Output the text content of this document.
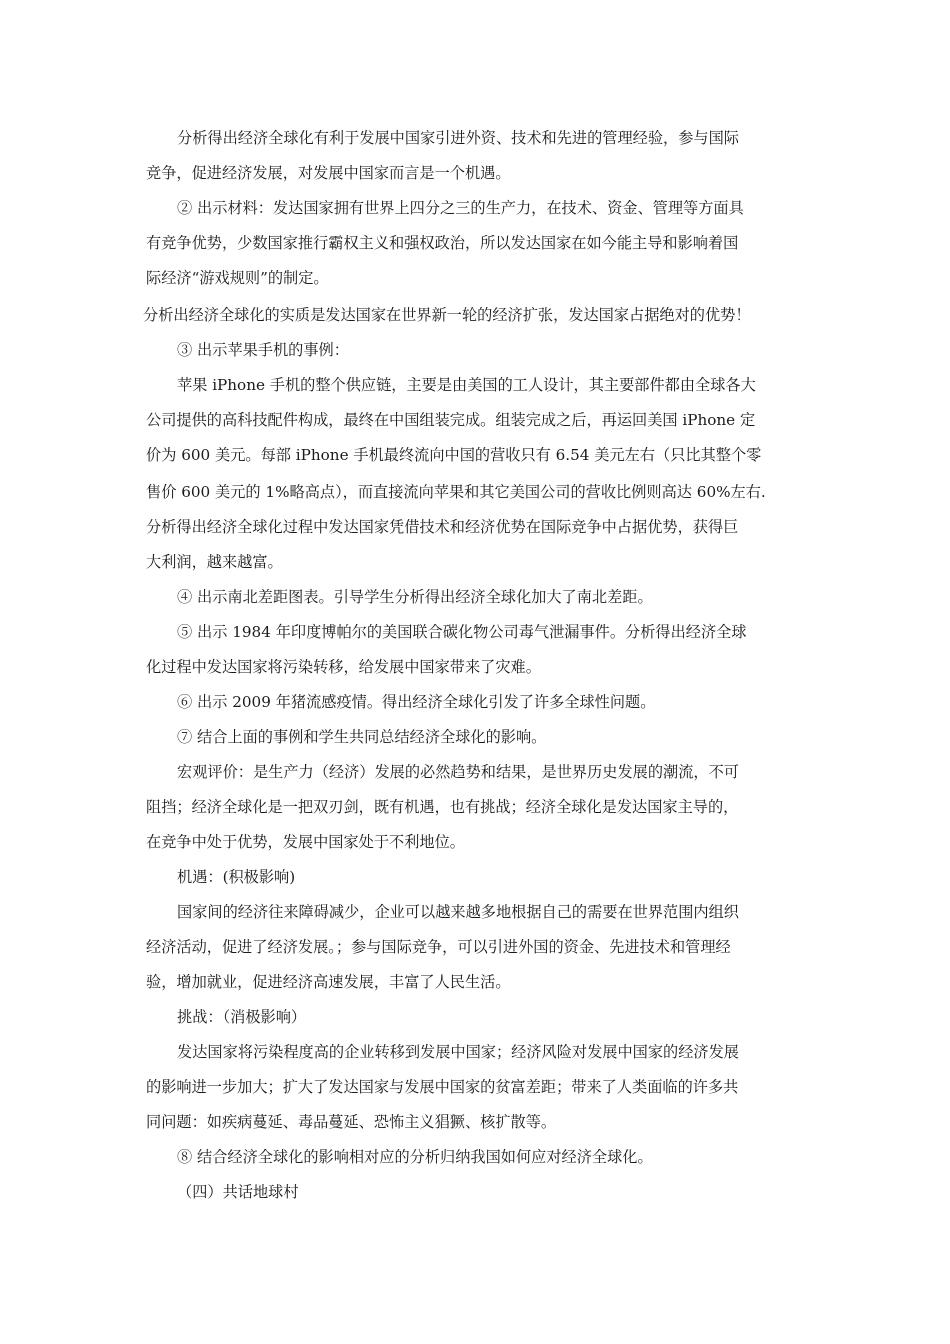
分析得出经济全球化有利于发展中国家引进外资、技术和先进的管理经验，参与国际
竞争，促进经济发展，对发展中国家而言是一个机遇。
② 出示材料：发达国家拥有世界上四分之三的生产力，在技术、资金、管理等方面具
有竞争优势，少数国家推行霸权主义和强权政治，所以发达国家在如今能主导和影响着国
际经济“游戏规则”的制定。
分析出经济全球化的实质是发达国家在世界新一轮的经济扩张，发达国家占据绝对的优势！
③ 出示苹果手机的事例：
苹果 iPhone 手机的整个供应链，主要是由美国的工人设计，其主要部件都由全球各大
公司提供的高科技配件构成，最终在中国组装完成。组装完成之后，再运回美国 iPhone 定
价为 600 美元。每部 iPhone 手机最终流向中国的营收只有 6.54 美元左右（只比其整个零
售价 600 美元的 1%略高点），而直接流向苹果和其它美国公司的营收比例则高达 60%左右.
分析得出经济全球化过程中发达国家凭借技术和经济优势在国际竞争中占据优势，获得巨
大利润，越来越富。
④ 出示南北差距图表。引导学生分析得出经济全球化加大了南北差距。
⑤ 出示 1984 年印度博帕尔的美国联合碳化物公司毒气泄漏事件。分析得出经济全球
化过程中发达国家将污染转移，给发展中国家带来了灾难。
⑥ 出示 2009 年猪流感疫情。得出经济全球化引发了许多全球性问题。
⑦ 结合上面的事例和学生共同总结经济全球化的影响。
宏观评价：是生产力（经济）发展的必然趋势和结果，是世界历史发展的潮流，不可
阻挡；经济全球化是一把双刃剑，既有机遇，也有挑战；经济全球化是发达国家主导的，
在竞争中处于优势，发展中国家处于不利地位。
机遇：(积极影响)
国家间的经济往来障碍减少，企业可以越来越多地根据自己的需要在世界范围内组织
经济活动，促进了经济发展。；参与国际竞争，可以引进外国的资金、先进技术和管理经
验，增加就业，促进经济高速发展，丰富了人民生活。
挑战：（消极影响）
发达国家将污染程度高的企业转移到发展中国家；经济风险对发展中国家的经济发展
的影响进一步加大；扩大了发达国家与发展中国家的贫富差距；带来了人类面临的许多共
同问题：如疾病蔓延、毒品蔓延、恐怖主义猖獗、核扩散等。
⑧ 结合经济全球化的影响相对应的分析归纳我国如何应对经济全球化。
（四）共话地球村
